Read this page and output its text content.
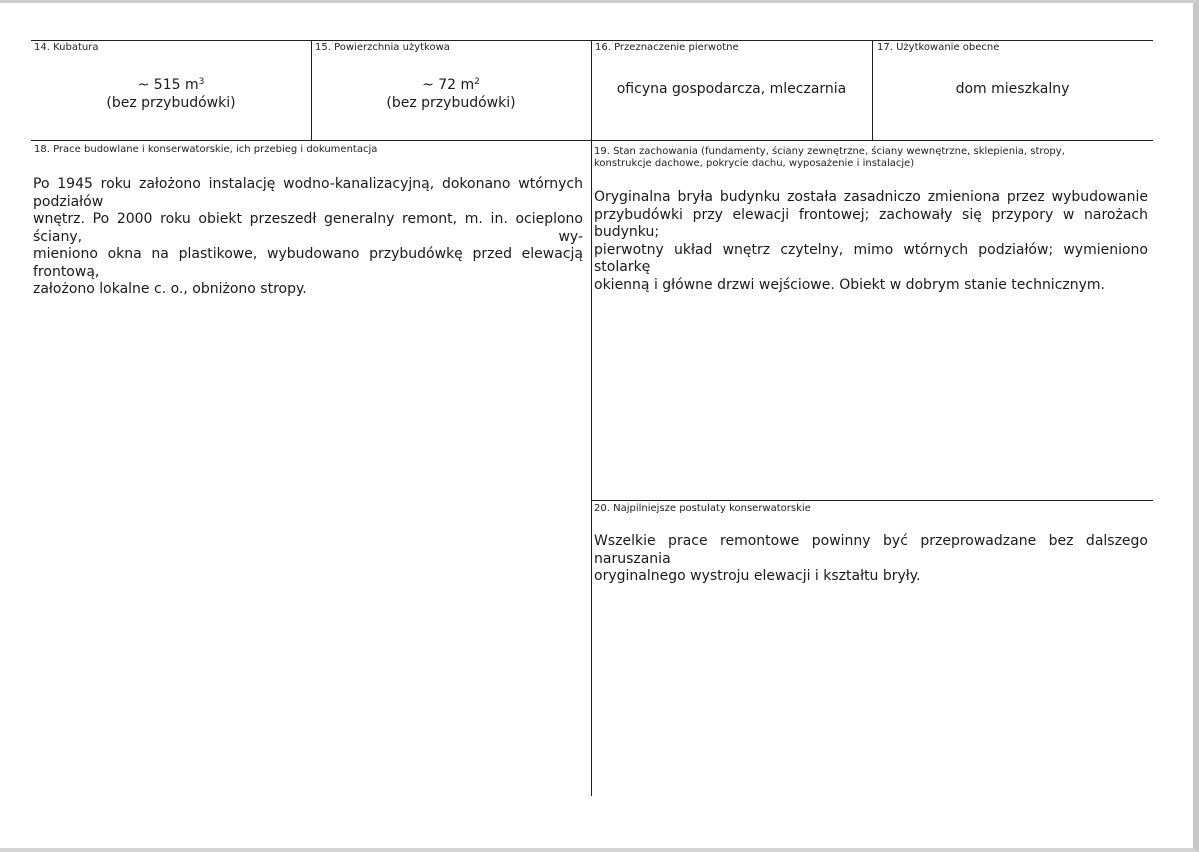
14. Kubatura
~ 515 $m^3$
(bez przybudówki)
15. Powierzchnia użytkowa
~ 72 $m^2$
(bez przybudówki)
16. Przeznaczenie pierwotne
oficyna gospodarcza, mleczarnia
17. Użytkowanie obecne
dom mieszkalny
18. Prace budowlane i konserwatorskie, ich przebieg i dokumentacja
Po 1945 roku założono instalację wodno-kanalizacyjną, dokonano wtórnych podziałów
wnętrz. Po 2000 roku obiekt przeszedł generalny remont, m. in. ocieplono ściany, wy-
mieniono okna na plastikowe, wybudowano przybudówkę przed elewacją frontową,
założono lokalne c. o., obniżono stropy.
19. Stan zachowania (fundamenty, ściany zewnętrzne, ściany wewnętrzne, sklepienia, stropy,
konstrukcje dachowe, pokrycie dachu, wyposażenie i instalacje)
Oryginalna bryła budynku została zasadniczo zmieniona przez wybudowanie
przybudówki przy elewacji frontowej; zachowały się przypory w narożach budynku;
pierwotny układ wnętrz czytelny, mimo wtórnych podziałów; wymieniono stolarkę
okienną i główne drzwi wejściowe. Obiekt w dobrym stanie technicznym.
20. Najpilniejsze postulaty konserwatorskie
Wszelkie prace remontowe powinny być przeprowadzane bez dalszego naruszania
oryginalnego wystroju elewacji i kształtu bryły.
